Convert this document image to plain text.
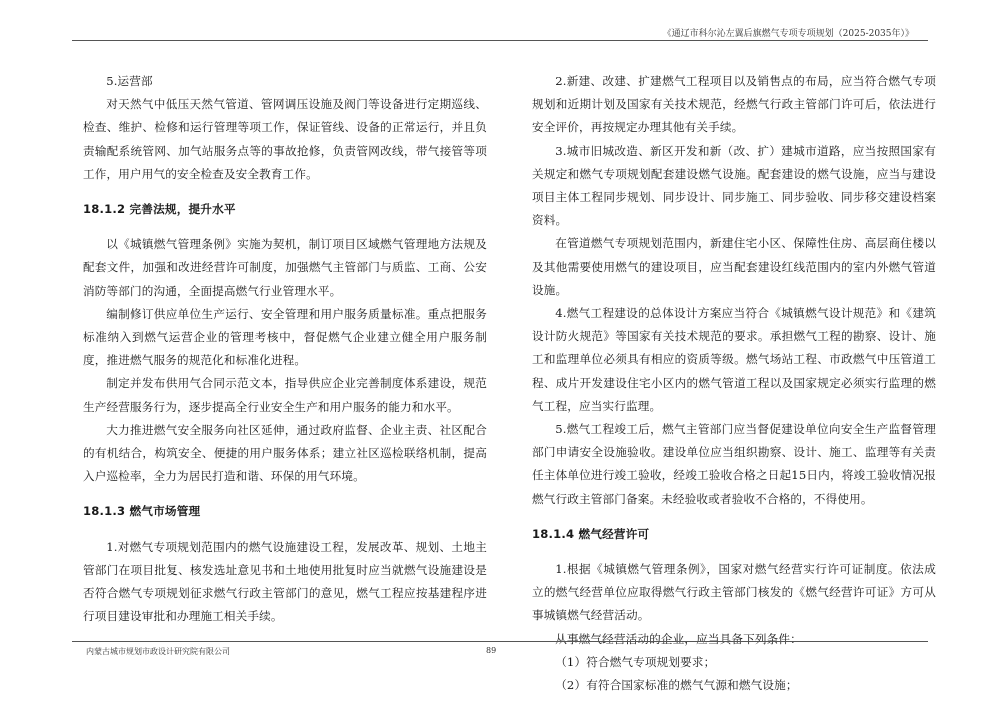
《通辽市科尔沁左翼后旗燃气专项专项规划（2025-2035年）》

5.运营部

对天然气中低压天然气管道、管网调压设施及阀门等设备进行定期巡线、检查、维护、检修和运行管理等项工作，保证管线、设备的正常运行，并且负责输配系统管网、加气站服务点等的事故抢修，负责管网改线，带气接管等项工作，用户用气的安全检查及安全教育工作。

18.1.2 完善法规，提升水平

以《城镇燃气管理条例》实施为契机，制订项目区域燃气管理地方法规及配套文件，加强和改进经营许可制度，加强燃气主管部门与质监、工商、公安消防等部门的沟通，全面提高燃气行业管理水平。

编制修订供应单位生产运行、安全管理和用户服务质量标准。重点把服务标准纳入到燃气运营企业的管理考核中，督促燃气企业建立健全用户服务制度，推进燃气服务的规范化和标准化进程。

制定并发布供用气合同示范文本，指导供应企业完善制度体系建设，规范生产经营服务行为，逐步提高全行业安全生产和用户服务的能力和水平。

大力推进燃气安全服务向社区延伸，通过政府监督、企业主责、社区配合的有机结合，构筑安全、便捷的用户服务体系；建立社区巡检联络机制，提高入户巡检率，全力为居民打造和谐、环保的用气环境。

18.1.3 燃气市场管理

1.对燃气专项规划范围内的燃气设施建设工程，发展改革、规划、土地主管部门在项目批复、核发选址意见书和土地使用批复时应当就燃气设施建设是否符合燃气专项规划征求燃气行政主管部门的意见，燃气工程应按基建程序进行项目建设审批和办理施工相关手续。

2.新建、改建、扩建燃气工程项目以及销售点的布局，应当符合燃气专项规划和近期计划及国家有关技术规范，经燃气行政主管部门许可后，依法进行安全评价，再按规定办理其他有关手续。

3.城市旧城改造、新区开发和新（改、扩）建城市道路，应当按照国家有关规定和燃气专项规划配套建设燃气设施。配套建设的燃气设施，应当与建设项目主体工程同步规划、同步设计、同步施工、同步验收、同步移交建设档案资料。

在管道燃气专项规划范围内，新建住宅小区、保障性住房、高层商住楼以及其他需要使用燃气的建设项目，应当配套建设红线范围内的室内外燃气管道设施。

4.燃气工程建设的总体设计方案应当符合《城镇燃气设计规范》和《建筑设计防火规范》等国家有关技术规范的要求。承担燃气工程的勘察、设计、施工和监理单位必须具有相应的资质等级。燃气场站工程、市政燃气中压管道工程、成片开发建设住宅小区内的燃气管道工程以及国家规定必须实行监理的燃气工程，应当实行监理。

5.燃气工程竣工后，燃气主管部门应当督促建设单位向安全生产监督管理部门申请安全设施验收。建设单位应当组织勘察、设计、施工、监理等有关责任主体单位进行竣工验收，经竣工验收合格之日起15日内，将竣工验收情况报燃气行政主管部门备案。未经验收或者验收不合格的，不得使用。

18.1.4 燃气经营许可

1.根据《城镇燃气管理条例》，国家对燃气经营实行许可证制度。依法成立的燃气经营单位应取得燃气行政主管部门核发的《燃气经营许可证》方可从事城镇燃气经营活动。

从事燃气经营活动的企业，应当具备下列条件：

（1）符合燃气专项规划要求；

（2）有符合国家标准的燃气气源和燃气设施；

内蒙古城市规划市政设计研究院有限公司	89
